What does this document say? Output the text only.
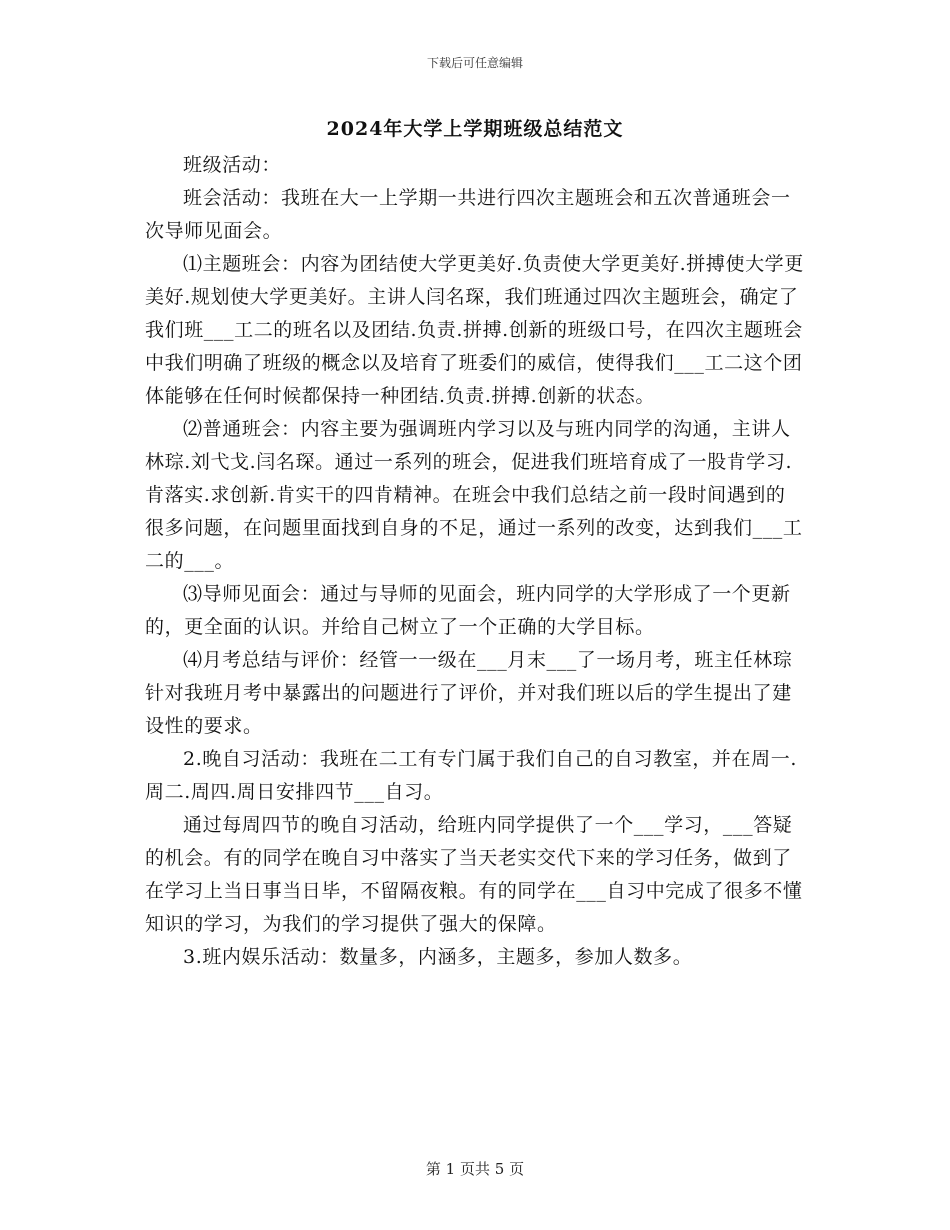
下载后可任意编辑
2024年大学上学期班级总结范文

班级活动：

班会活动：我班在大一上学期一共进行四次主题班会和五次普通班会一次导师见面会。

⑴主题班会：内容为团结使大学更美好.负责使大学更美好.拼搏使大学更美好.规划使大学更美好。主讲人闫名琛，我们班通过四次主题班会，确定了我们班___工二的班名以及团结.负责.拼搏.创新的班级口号，在四次主题班会中我们明确了班级的概念以及培育了班委们的威信，使得我们___工二这个团体能够在任何时候都保持一种团结.负责.拼搏.创新的状态。

⑵普通班会：内容主要为强调班内学习以及与班内同学的沟通，主讲人林琮.刘弋戈.闫名琛。通过一系列的班会，促进我们班培育成了一股肯学习.肯落实.求创新.肯实干的四肯精神。在班会中我们总结之前一段时间遇到的很多问题，在问题里面找到自身的不足，通过一系列的改变，达到我们___工二的___。

⑶导师见面会：通过与导师的见面会，班内同学的大学形成了一个更新的，更全面的认识。并给自己树立了一个正确的大学目标。

⑷月考总结与评价：经管一一级在___月末___了一场月考，班主任林琮针对我班月考中暴露出的问题进行了评价，并对我们班以后的学生提出了建设性的要求。

2.晚自习活动：我班在二工有专门属于我们自己的自习教室，并在周一.周二.周四.周日安排四节___自习。

通过每周四节的晚自习活动，给班内同学提供了一个___学习，___答疑的机会。有的同学在晚自习中落实了当天老实交代下来的学习任务，做到了在学习上当日事当日毕，不留隔夜粮。有的同学在___自习中完成了很多不懂知识的学习，为我们的学习提供了强大的保障。

3.班内娱乐活动：数量多，内涵多，主题多，参加人数多。

第 1 页共 5 页
